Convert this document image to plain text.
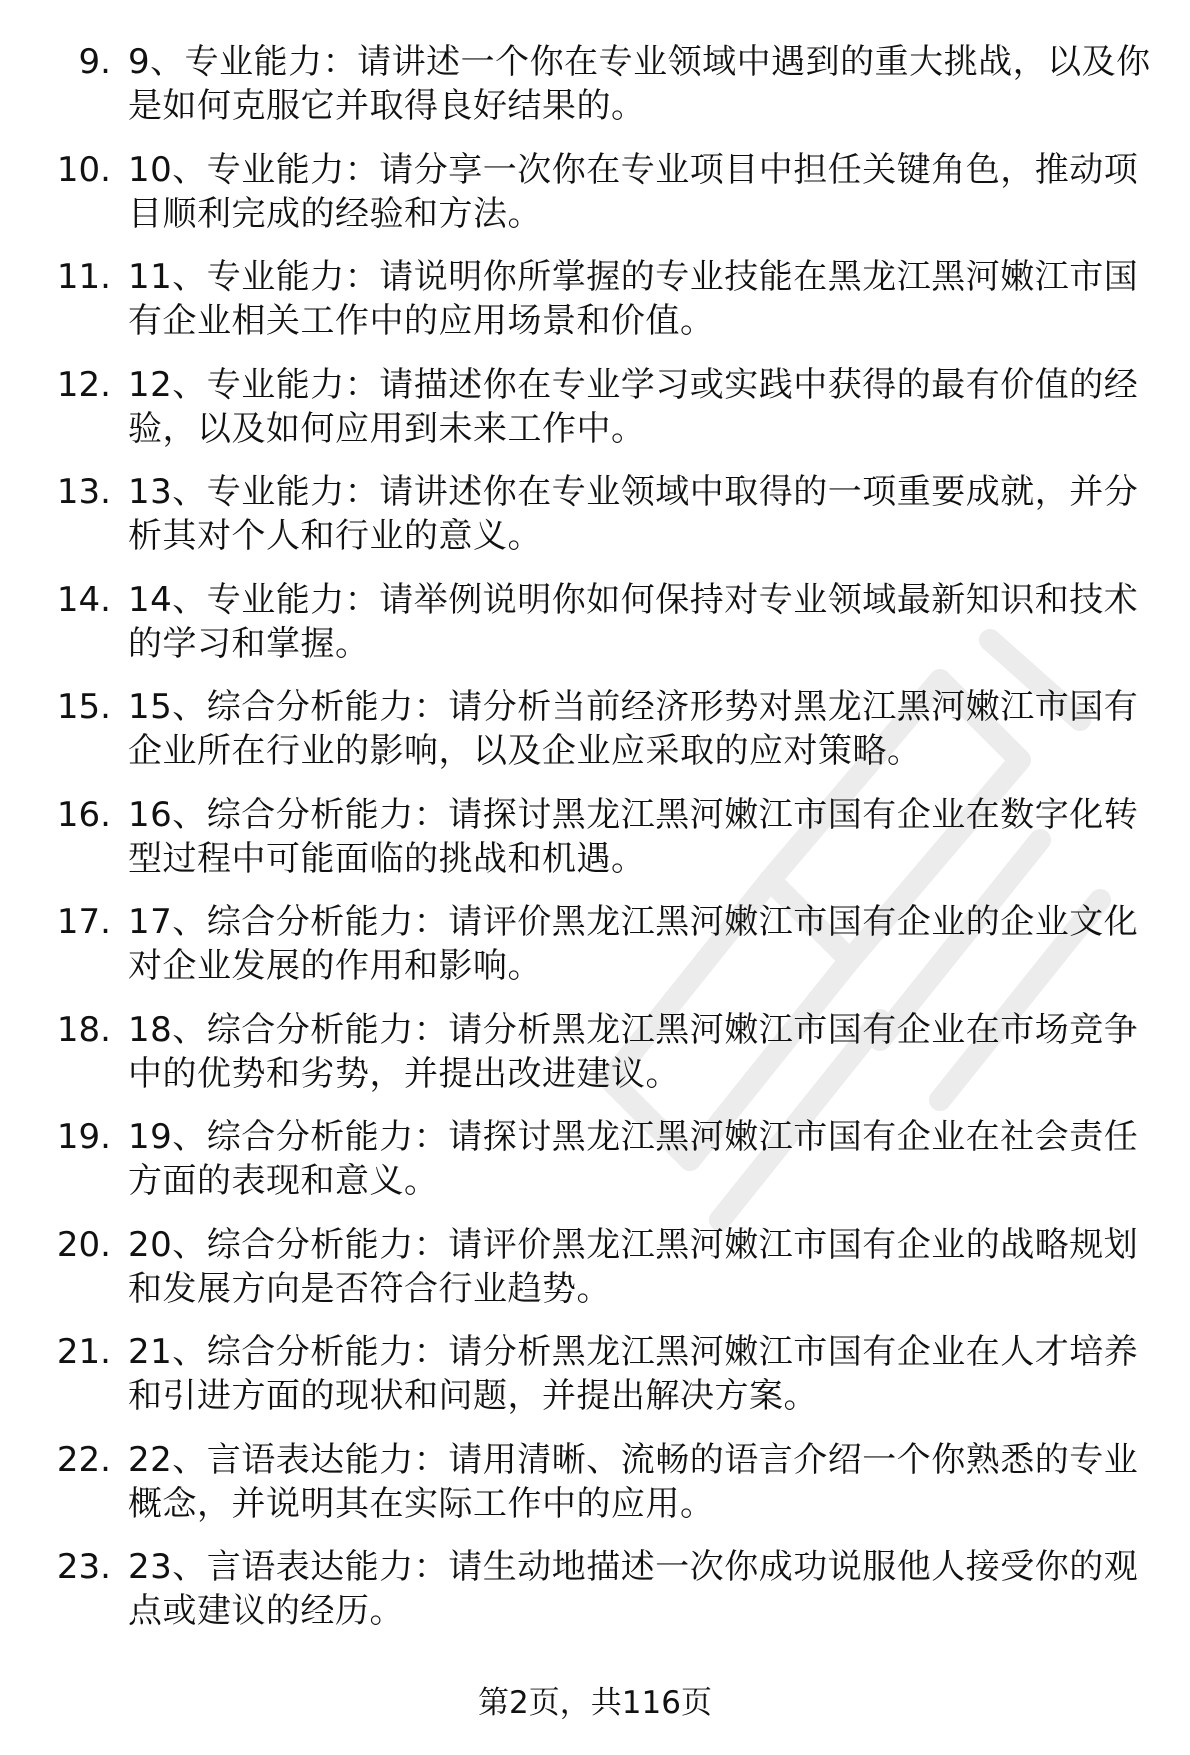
9. 9、专业能力：请讲述一个你在专业领域中遇到的重大挑战，以及你是如何克服它并取得良好结果的。
10. 10、专业能力：请分享一次你在专业项目中担任关键角色，推动项目顺利完成的经验和方法。
11. 11、专业能力：请说明你所掌握的专业技能在黑龙江黑河嫩江市国有企业相关工作中的应用场景和价值。
12. 12、专业能力：请描述你在专业学习或实践中获得的最有价值的经验，以及如何应用到未来工作中。
13. 13、专业能力：请讲述你在专业领域中取得的一项重要成就，并分析其对个人和行业的意义。
14. 14、专业能力：请举例说明你如何保持对专业领域最新知识和技术的学习和掌握。
15. 15、综合分析能力：请分析当前经济形势对黑龙江黑河嫩江市国有企业所在行业的影响，以及企业应采取的应对策略。
16. 16、综合分析能力：请探讨黑龙江黑河嫩江市国有企业在数字化转型过程中可能面临的挑战和机遇。
17. 17、综合分析能力：请评价黑龙江黑河嫩江市国有企业的企业文化对企业发展的作用和影响。
18. 18、综合分析能力：请分析黑龙江黑河嫩江市国有企业在市场竞争中的优势和劣势，并提出改进建议。
19. 19、综合分析能力：请探讨黑龙江黑河嫩江市国有企业在社会责任方面的表现和意义。
20. 20、综合分析能力：请评价黑龙江黑河嫩江市国有企业的战略规划和发展方向是否符合行业趋势。
21. 21、综合分析能力：请分析黑龙江黑河嫩江市国有企业在人才培养和引进方面的现状和问题，并提出解决方案。
22. 22、言语表达能力：请用清晰、流畅的语言介绍一个你熟悉的专业概念，并说明其在实际工作中的应用。
23. 23、言语表达能力：请生动地描述一次你成功说服他人接受你的观点或建议的经历。
第2页，共116页
